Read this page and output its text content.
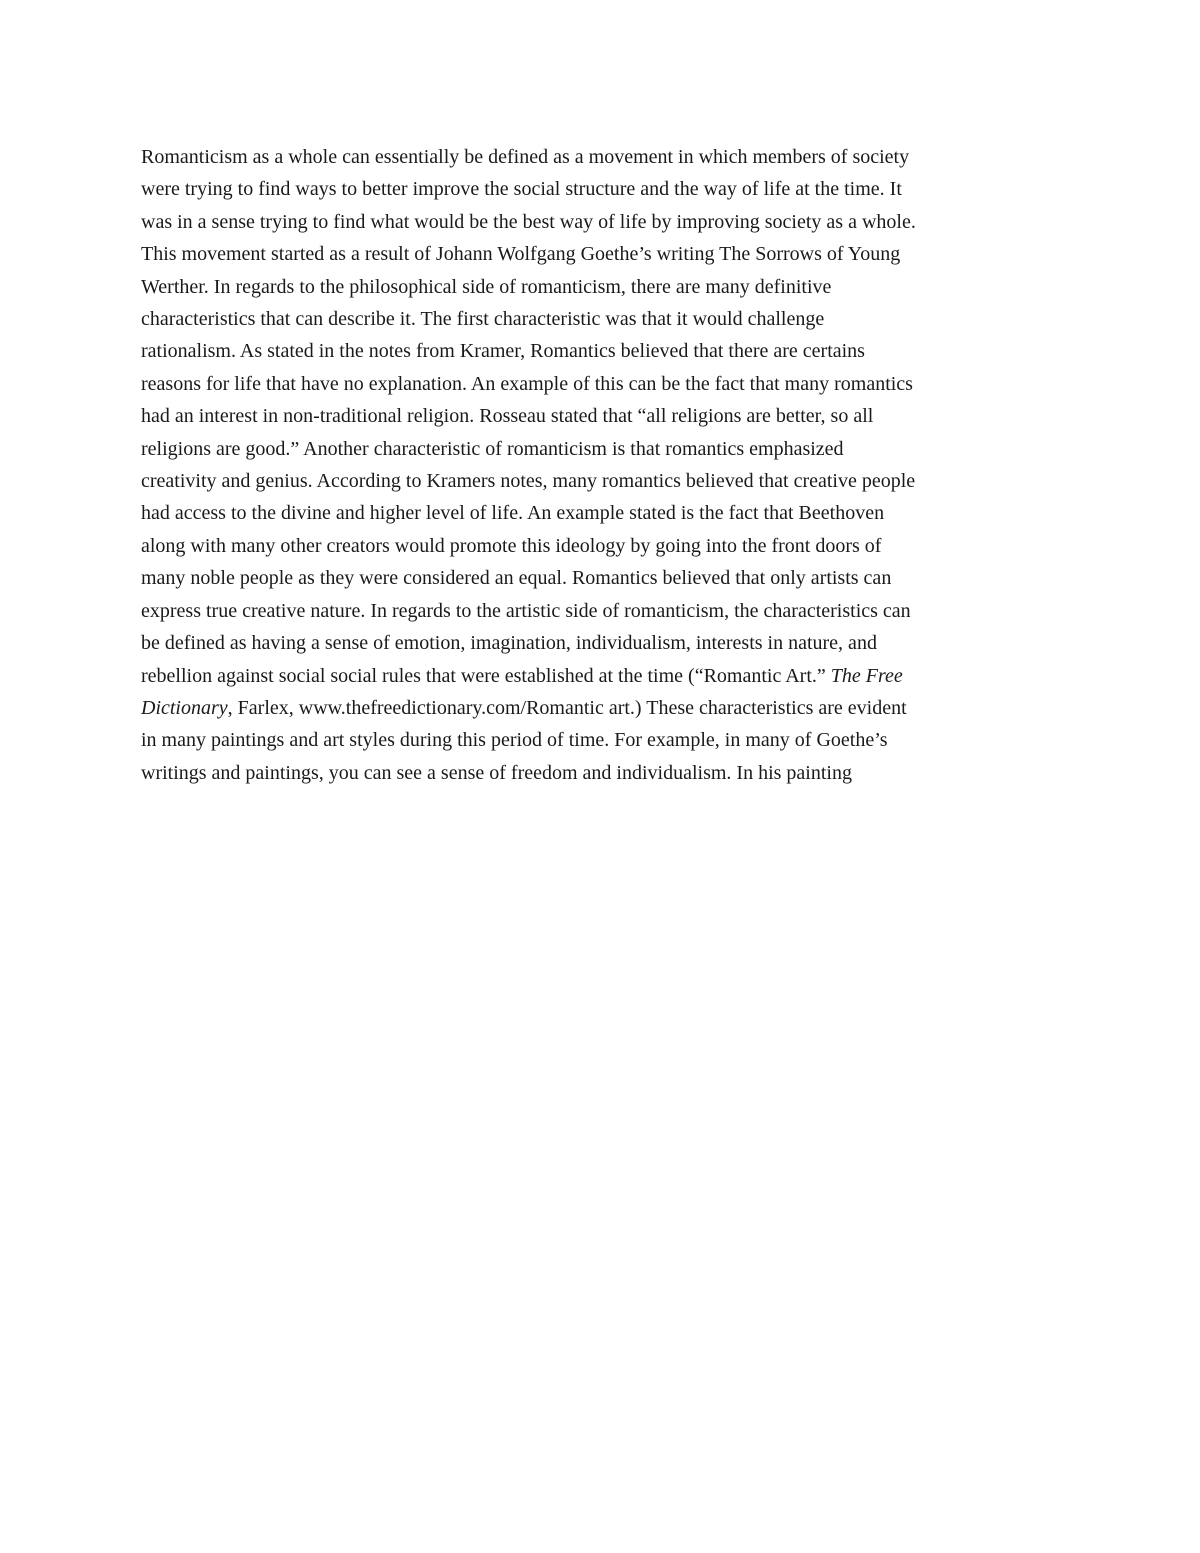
Romanticism as a whole can essentially be defined as a movement in which members of society
were trying to find ways to better improve the social structure and the way of life at the time. It
was in a sense trying to find what would be the best way of life by improving society as a whole.
This movement started as a result of Johann Wolfgang Goethe’s writing The Sorrows of Young
Werther. In regards to the philosophical side of romanticism, there are many definitive
characteristics that can describe it. The first characteristic was that it would challenge
rationalism. As stated in the notes from Kramer, Romantics believed that there are certains
reasons for life that have no explanation. An example of this can be the fact that many romantics
had an interest in non-traditional religion. Rosseau stated that “all religions are better, so all
religions are good.” Another characteristic of romanticism is that romantics emphasized
creativity and genius. According to Kramers notes, many romantics believed that creative people
had access to the divine and higher level of life. An example stated is the fact that Beethoven
along with many other creators would promote this ideology by going into the front doors of
many noble people as they were considered an equal. Romantics believed that only artists can
express true creative nature. In regards to the artistic side of romanticism, the characteristics can
be defined as having a sense of emotion, imagination, individualism, interests in nature, and
rebellion against social social rules that were established at the time (“Romantic Art.” The Free
Dictionary, Farlex, www.thefreedictionary.com/Romantic art.) These characteristics are evident
in many paintings and art styles during this period of time. For example, in many of Goethe’s
writings and paintings, you can see a sense of freedom and individualism. In his painting
